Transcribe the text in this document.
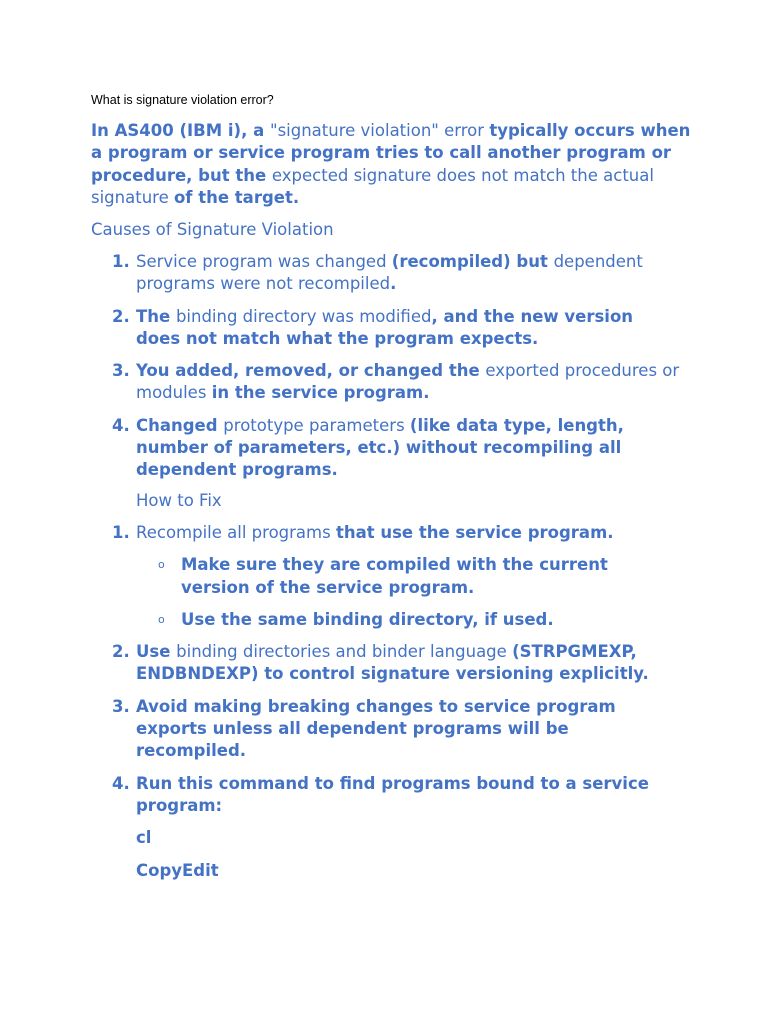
What is signature violation error?

In AS400 (IBM i), a "signature violation" error typically occurs when a program or service program tries to call another program or procedure, but the expected signature does not match the actual signature of the target.

Causes of Signature Violation
1. Service program was changed (recompiled) but dependent programs were not recompiled.
2. The binding directory was modified, and the new version does not match what the program expects.
3. You added, removed, or changed the exported procedures or modules in the service program.
4. Changed prototype parameters (like data type, length, number of parameters, etc.) without recompiling all dependent programs.
How to Fix
1. Recompile all programs that use the service program.
o Make sure they are compiled with the current version of the service program.
o Use the same binding directory, if used.
2. Use binding directories and binder language (STRPGMEXP, ENDBNDEXP) to control signature versioning explicitly.
3. Avoid making breaking changes to service program exports unless all dependent programs will be recompiled.
4. Run this command to find programs bound to a service program:

cl

CopyEdit
